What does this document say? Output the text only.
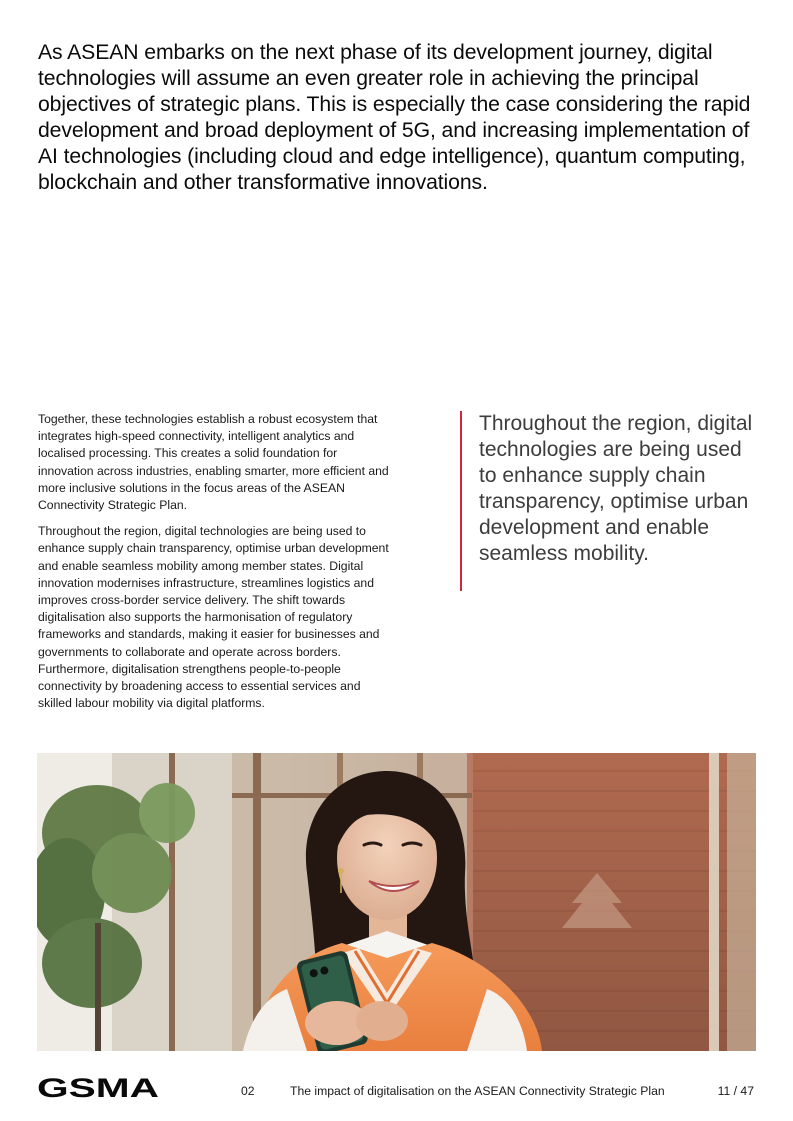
As ASEAN embarks on the next phase of its development journey, digital technologies will assume an even greater role in achieving the principal objectives of strategic plans. This is especially the case considering the rapid development and broad deployment of 5G, and increasing implementation of AI technologies (including cloud and edge intelligence), quantum computing, blockchain and other transformative innovations.

Together, these technologies establish a robust ecosystem that integrates high-speed connectivity, intelligent analytics and localised processing. This creates a solid foundation for innovation across industries, enabling smarter, more efficient and more inclusive solutions in the focus areas of the ASEAN Connectivity Strategic Plan.

Throughout the region, digital technologies are being used to enhance supply chain transparency, optimise urban development and enable seamless mobility among member states. Digital innovation modernises infrastructure, streamlines logistics and improves cross-border service delivery. The shift towards digitalisation also supports the harmonisation of regulatory frameworks and standards, making it easier for businesses and governments to collaborate and operate across borders. Furthermore, digitalisation strengthens people-to-people connectivity by broadening access to essential services and skilled labour mobility via digital platforms.

Throughout the region, digital technologies are being used to enhance supply chain transparency, optimise urban development and enable seamless mobility.

GSMA	02	The impact of digitalisation on the ASEAN Connectivity Strategic Plan	11 / 47
